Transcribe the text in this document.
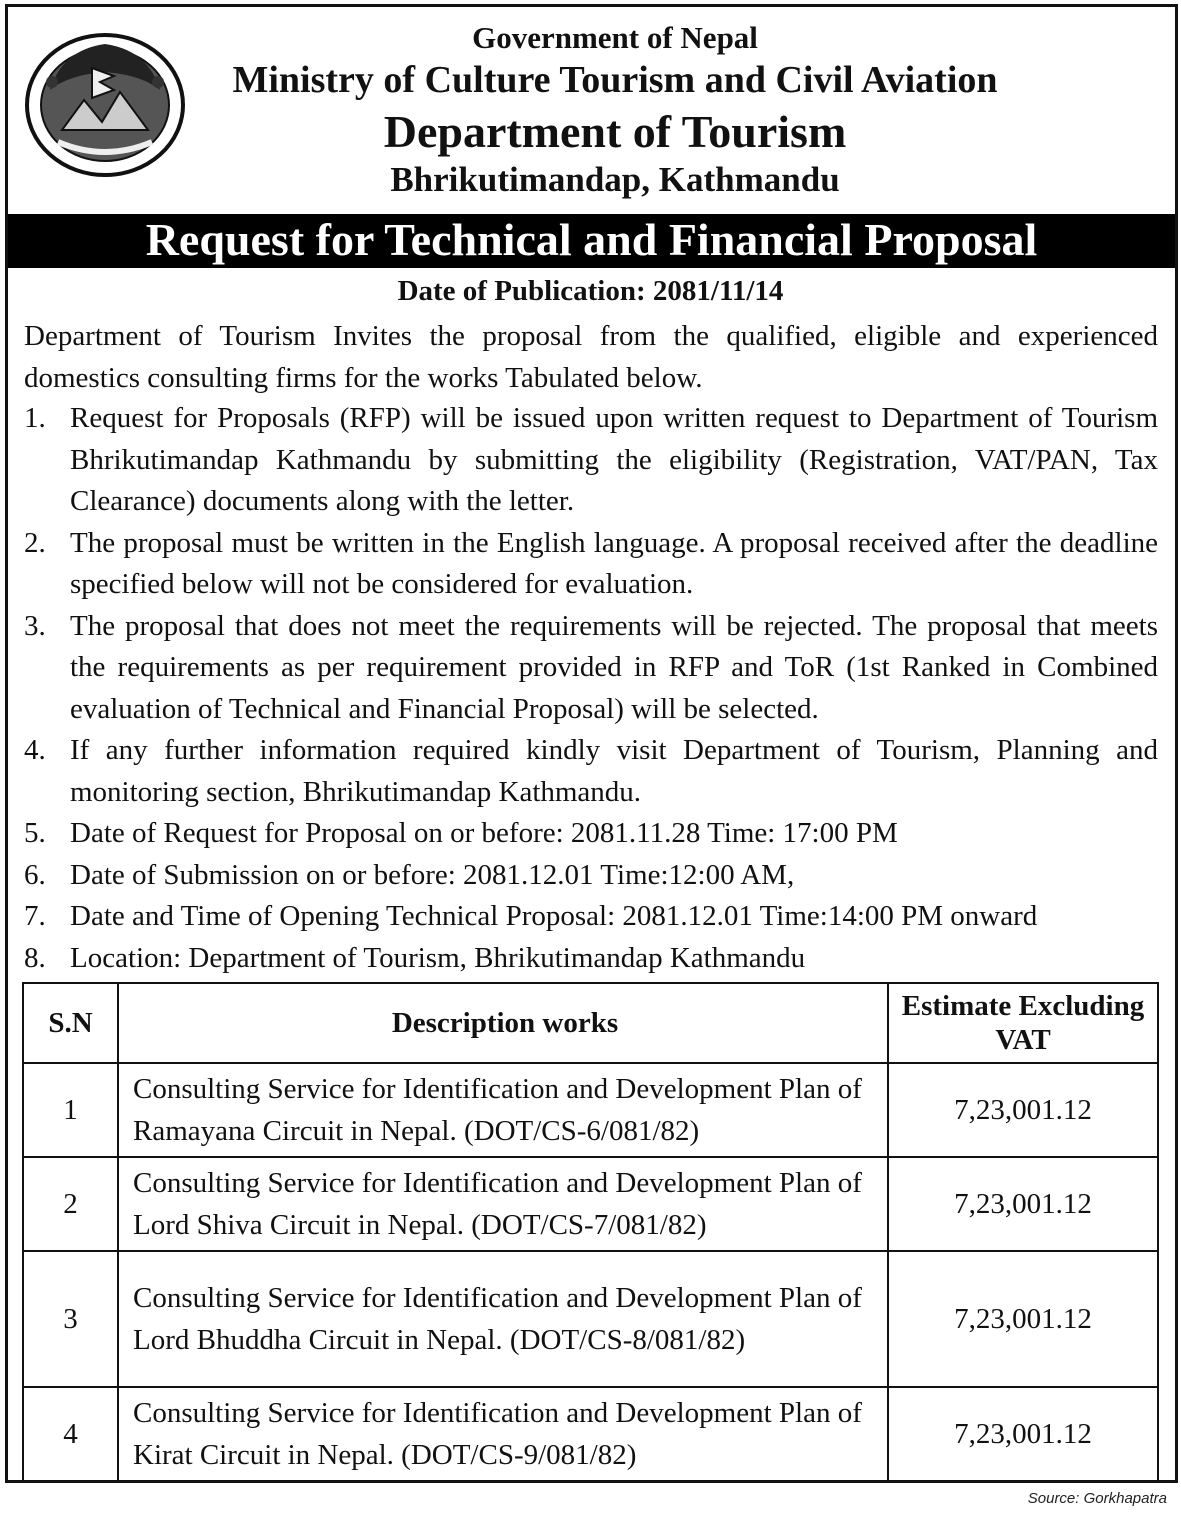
Government of Nepal
Ministry of Culture Tourism and Civil Aviation
Department of Tourism
Bhrikutimandap, Kathmandu
Request for Technical and Financial Proposal
Date of Publication: 2081/11/14
Department of Tourism Invites the proposal from the qualified, eligible and experienced domestics consulting firms for the works Tabulated below.
1. Request for Proposals (RFP) will be issued upon written request to Department of Tourism Bhrikutimandap Kathmandu by submitting the eligibility (Registration, VAT/PAN, Tax Clearance) documents along with the letter.
2. The proposal must be written in the English language. A proposal received after the deadline specified below will not be considered for evaluation.
3. The proposal that does not meet the requirements will be rejected. The proposal that meets the requirements as per requirement provided in RFP and ToR (1st Ranked in Combined evaluation of Technical and Financial Proposal) will be selected.
4. If any further information required kindly visit Department of Tourism, Planning and monitoring section, Bhrikutimandap Kathmandu.
5. Date of Request for Proposal on or before: 2081.11.28 Time: 17:00 PM
6. Date of Submission on or before: 2081.12.01 Time:12:00 AM,
7. Date and Time of Opening Technical Proposal: 2081.12.01 Time:14:00 PM onward
8. Location: Department of Tourism, Bhrikutimandap Kathmandu
S.N	Description works	Estimate Excluding VAT
1	Consulting Service for Identification and Development Plan of Ramayana Circuit in Nepal. (DOT/CS-6/081/82)	7,23,001.12
2	Consulting Service for Identification and Development Plan of Lord Shiva Circuit in Nepal. (DOT/CS-7/081/82)	7,23,001.12
3	Consulting Service for Identification and Development Plan of Lord Bhuddha Circuit in Nepal. (DOT/CS-8/081/82)	7,23,001.12
4	Consulting Service for Identification and Development Plan of Kirat Circuit in Nepal. (DOT/CS-9/081/82)	7,23,001.12
Source: Gorkhapatra
